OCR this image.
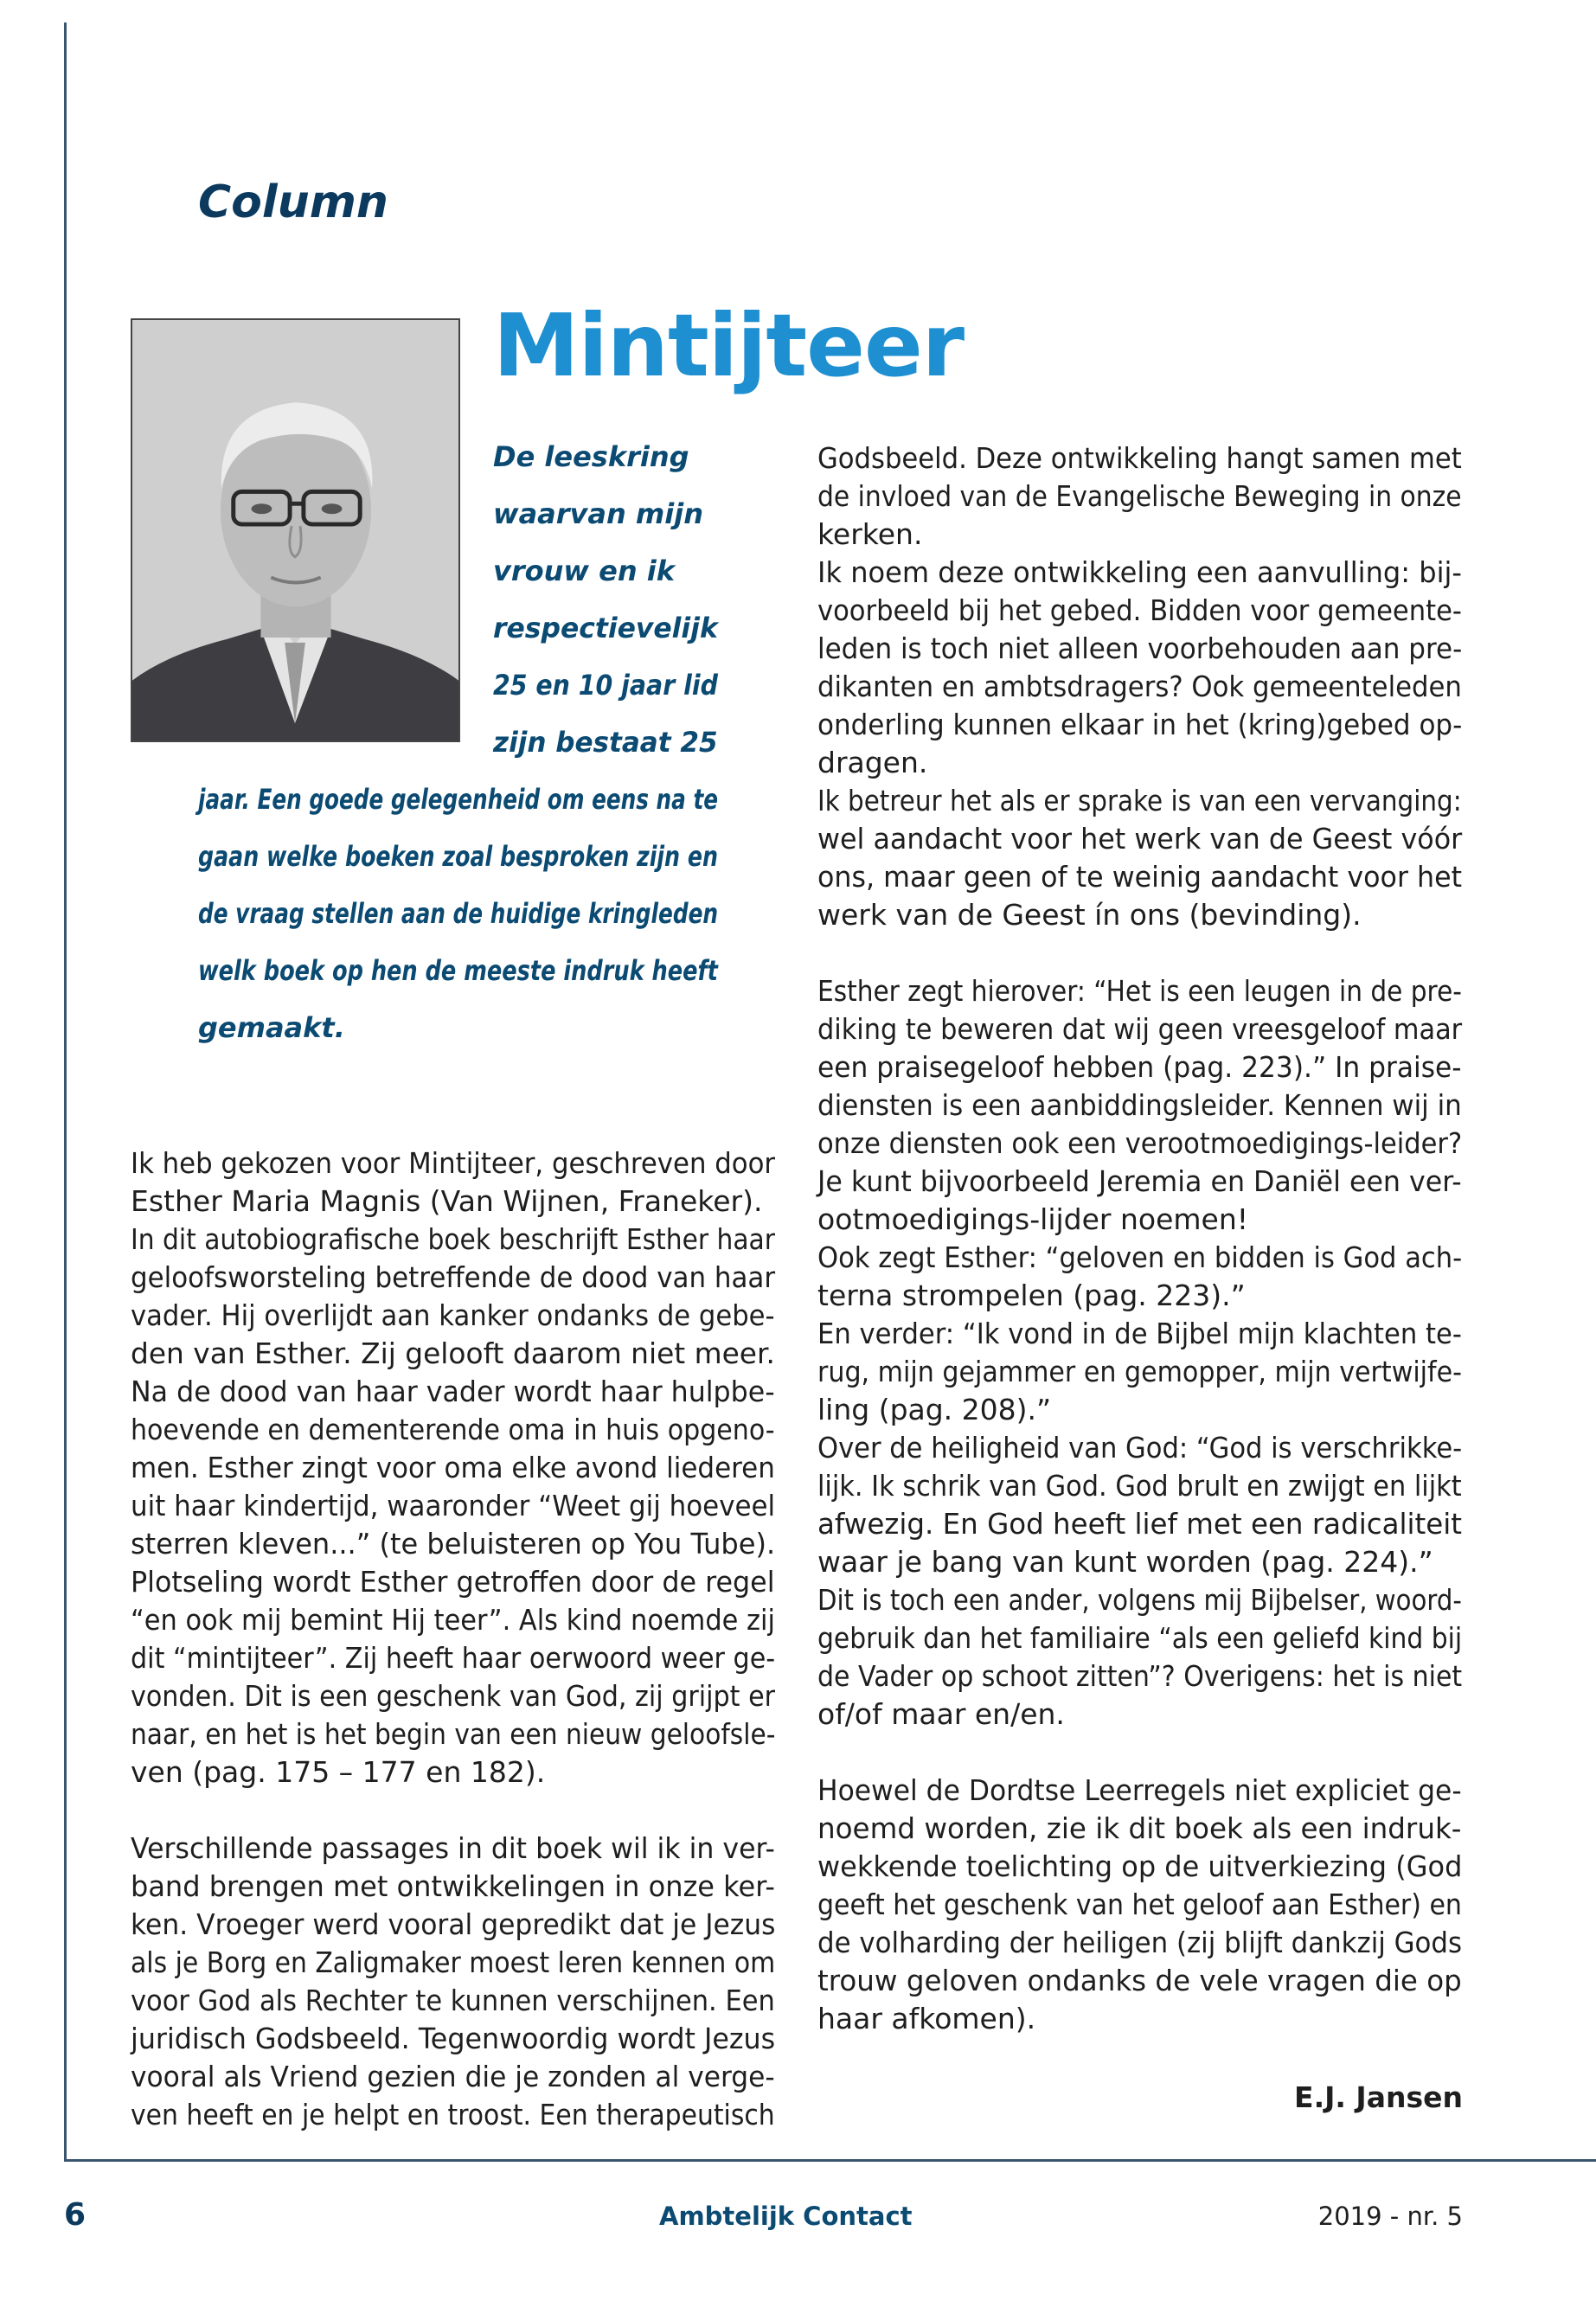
Column
Mintijteer
De leeskring
waarvan mijn
vrouw en ik
respectievelijk
25 en 10 jaar lid
zijn bestaat 25
jaar. Een goede gelegenheid om eens na te
gaan welke boeken zoal besproken zijn en
de vraag stellen aan de huidige kringleden
welk boek op hen de meeste indruk heeft
gemaakt.
Ik heb gekozen voor Mintijteer, geschreven door
Esther Maria Magnis (Van Wijnen, Franeker).
In dit autobiografische boek beschrijft Esther haar
geloofsworsteling betreffende de dood van haar
vader. Hij overlijdt aan kanker ondanks de gebe-
den van Esther. Zij gelooft daarom niet meer.
Na de dood van haar vader wordt haar hulpbe-
hoevende en dementerende oma in huis opgeno-
men. Esther zingt voor oma elke avond liederen
uit haar kindertijd, waaronder “Weet gij hoeveel
sterren kleven...” (te beluisteren op You Tube).
Plotseling wordt Esther getroffen door de regel
“en ook mij bemint Hij teer”. Als kind noemde zij
dit “mintijteer”. Zij heeft haar oerwoord weer ge-
vonden. Dit is een geschenk van God, zij grijpt er
naar, en het is het begin van een nieuw geloofsle-
ven (pag. 175 – 177 en 182).
Verschillende passages in dit boek wil ik in ver-
band brengen met ontwikkelingen in onze ker-
ken. Vroeger werd vooral gepredikt dat je Jezus
als je Borg en Zaligmaker moest leren kennen om
voor God als Rechter te kunnen verschijnen. Een
juridisch Godsbeeld. Tegenwoordig wordt Jezus
vooral als Vriend gezien die je zonden al verge-
ven heeft en je helpt en troost. Een therapeutisch
Godsbeeld. Deze ontwikkeling hangt samen met
de invloed van de Evangelische Beweging in onze
kerken.
Ik noem deze ontwikkeling een aanvulling: bij-
voorbeeld bij het gebed. Bidden voor gemeente-
leden is toch niet alleen voorbehouden aan pre-
dikanten en ambtsdragers? Ook gemeenteleden
onderling kunnen elkaar in het (kring)gebed op-
dragen.
Ik betreur het als er sprake is van een vervanging:
wel aandacht voor het werk van de Geest vóór
ons, maar geen of te weinig aandacht voor het
werk van de Geest ín ons (bevinding).
Esther zegt hierover: “Het is een leugen in de pre-
diking te beweren dat wij geen vreesgeloof maar
een praisegeloof hebben (pag. 223).” In praise-
diensten is een aanbiddingsleider. Kennen wij in
onze diensten ook een verootmoedigings-leider?
Je kunt bijvoorbeeld Jeremia en Daniël een ver-
ootmoedigings-lijder noemen!
Ook zegt Esther: “geloven en bidden is God ach-
terna strompelen (pag. 223).”
En verder: “Ik vond in de Bijbel mijn klachten te-
rug, mijn gejammer en gemopper, mijn vertwijfe-
ling (pag. 208).”
Over de heiligheid van God: “God is verschrikke-
lijk. Ik schrik van God. God brult en zwijgt en lijkt
afwezig. En God heeft lief met een radicaliteit
waar je bang van kunt worden (pag. 224).”
Dit is toch een ander, volgens mij Bijbelser, woord-
gebruik dan het familiaire “als een geliefd kind bij
de Vader op schoot zitten”? Overigens: het is niet
of/of maar en/en.
Hoewel de Dordtse Leerregels niet expliciet ge-
noemd worden, zie ik dit boek als een indruk-
wekkende toelichting op de uitverkiezing (God
geeft het geschenk van het geloof aan Esther) en
de volharding der heiligen (zij blijft dankzij Gods
trouw geloven ondanks de vele vragen die op
haar afkomen).
E.J. Jansen
6	Ambtelijk Contact	2019 - nr. 5
